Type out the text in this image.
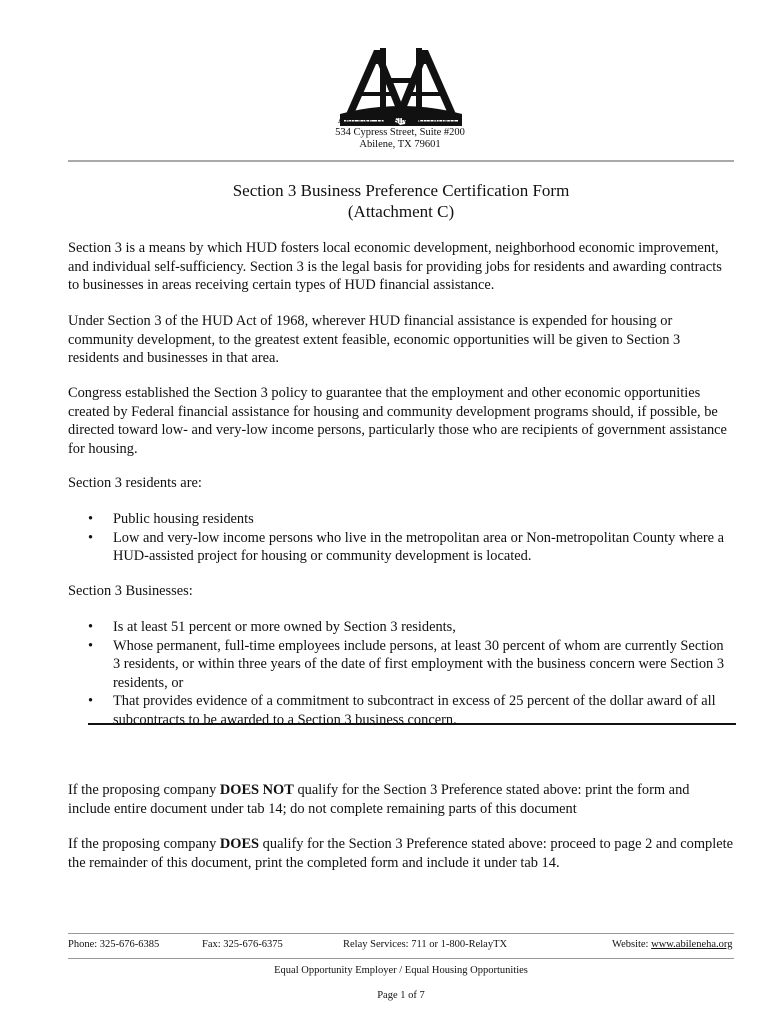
Abilene Housing Authority
534 Cypress Street, Suite #200
Abilene, TX 79601
Section 3 Business Preference Certification Form
(Attachment C)
Section 3 is a means by which HUD fosters local economic development, neighborhood economic improvement, and individual self-sufficiency. Section 3 is the legal basis for providing jobs for residents and awarding contracts to businesses in areas receiving certain types of HUD financial assistance.
Under Section 3 of the HUD Act of 1968, wherever HUD financial assistance is expended for housing or community development, to the greatest extent feasible, economic opportunities will be given to Section 3 residents and businesses in that area.
Congress established the Section 3 policy to guarantee that the employment and other economic opportunities created by Federal financial assistance for housing and community development programs should, if possible, be directed toward low- and very-low income persons, particularly those who are recipients of government assistance for housing.
Section 3 residents are:
• Public housing residents
• Low and very-low income persons who live in the metropolitan area or Non-metropolitan County where a HUD-assisted project for housing or community development is located.
Section 3 Businesses:
• Is at least 51 percent or more owned by Section 3 residents,
• Whose permanent, full-time employees include persons, at least 30 percent of whom are currently Section 3 residents, or within three years of the date of first employment with the business concern were Section 3 residents, or
• That provides evidence of a commitment to subcontract in excess of 25 percent of the dollar award of all subcontracts to be awarded to a Section 3 business concern.
If the proposing company DOES NOT qualify for the Section 3 Preference stated above: print the form and include entire document under tab 14; do not complete remaining parts of this document
If the proposing company DOES qualify for the Section 3 Preference stated above: proceed to page 2 and complete the remainder of this document, print the completed form and include it under tab 14.
Phone: 325-676-6385	Fax: 325-676-6375	Relay Services: 711 or 1-800-RelayTX	Website: www.abileneha.org
Equal Opportunity Employer / Equal Housing Opportunities
Page 1 of 7
